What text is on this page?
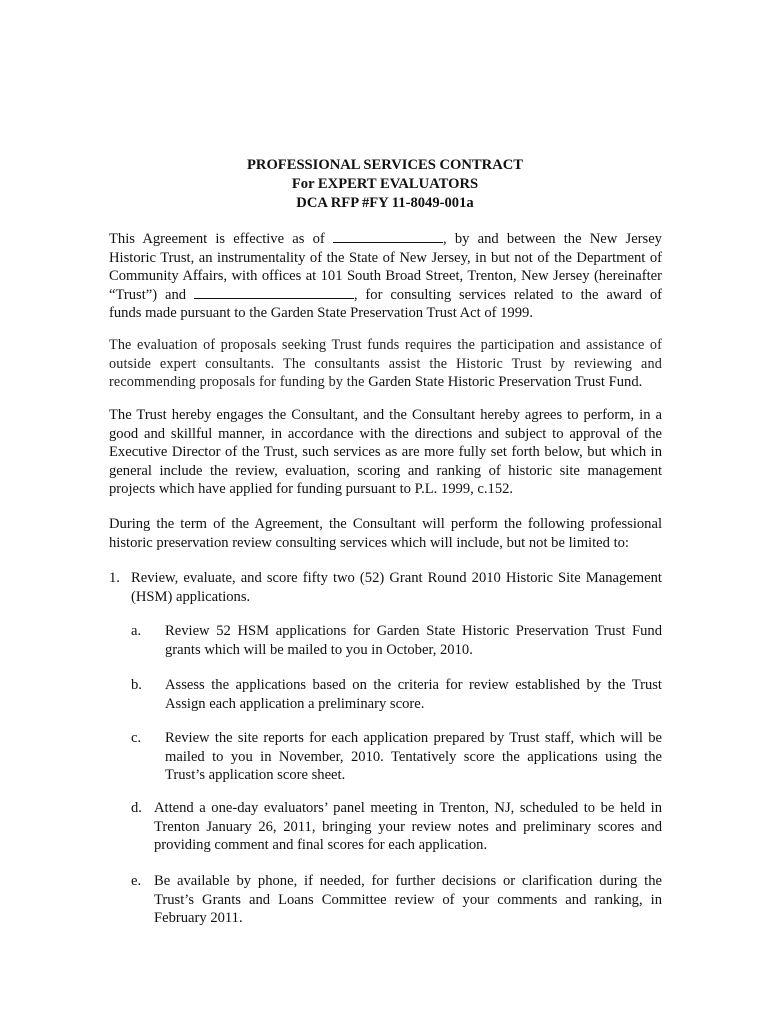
PROFESSIONAL SERVICES CONTRACT
For EXPERT EVALUATORS
DCA RFP #FY 11-8049-001a
This Agreement is effective as of	, by and between the New Jersey
Historic Trust, an instrumentality of the State of New Jersey, in but not of the Department of
Community Affairs, with offices at 101 South Broad Street, Trenton, New Jersey (hereinafter
“Trust”) and	, for consulting services related to the award of
funds made pursuant to the Garden State Preservation Trust Act of 1999.
The evaluation of proposals seeking Trust funds requires the participation and assistance of
outside expert consultants. The consultants assist the Historic Trust by reviewing and
recommending proposals for funding by the Garden State Historic Preservation Trust Fund.
The Trust hereby engages the Consultant, and the Consultant hereby agrees to perform, in a
good and skillful manner, in accordance with the directions and subject to approval of the
Executive Director of the Trust, such services as are more fully set forth below, but which in
general include the review, evaluation, scoring and ranking of historic site management
projects which have applied for funding pursuant to P.L. 1999, c.152.
During the term of the Agreement, the Consultant will perform the following professional
historic preservation review consulting services which will include, but not be limited to:
1. Review, evaluate, and score fifty two (52) Grant Round 2010 Historic Site Management
(HSM) applications.
a. Review 52 HSM applications for Garden State Historic Preservation Trust Fund
grants which will be mailed to you in October, 2010.
b. Assess the applications based on the criteria for review established by the Trust
Assign each application a preliminary score.
c. Review the site reports for each application prepared by Trust staff, which will be
mailed to you in November, 2010. Tentatively score the applications using the
Trust’s application score sheet.
d. Attend a one-day evaluators’ panel meeting in Trenton, NJ, scheduled to be held in
Trenton January 26, 2011, bringing your review notes and preliminary scores and
providing comment and final scores for each application.
e. Be available by phone, if needed, for further decisions or clarification during the
Trust’s Grants and Loans Committee review of your comments and ranking, in
February 2011.
